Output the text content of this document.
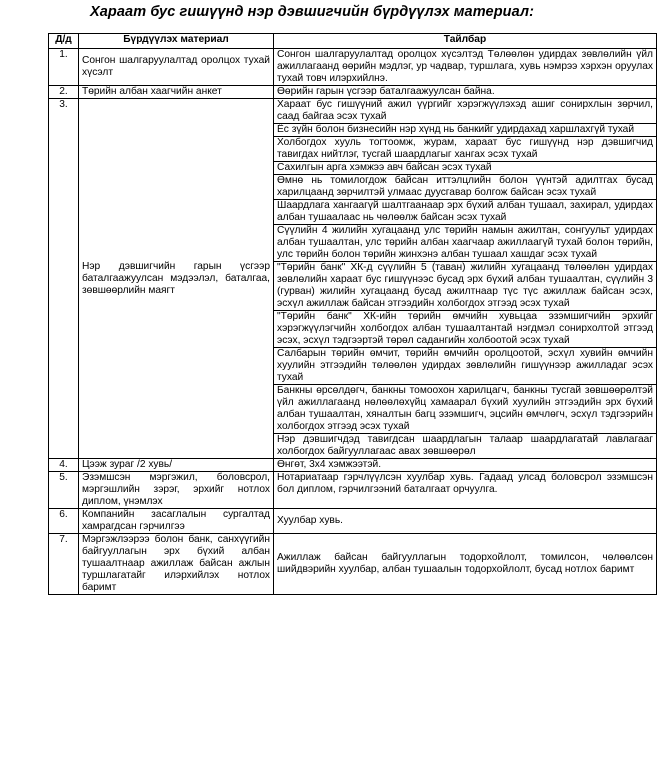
Хараат бус гишүүнд нэр дэвшигчийн бүрдүүлэх материал:
Д/д	Бүрдүүлэх материал	Тайлбар
1.	Сонгон шалгаруулалтад оролцох тухай хүсэлт	Сонгон шалгаруулалтад оролцох хүсэлтэд Төлөөлөн удирдах зөвлөлийн үйл ажиллагаанд өөрийн мэдлэг, ур чадвар, туршлага, хувь нэмрээ хэрхэн оруулах тухай товч илэрхийлнэ.
2.	Төрийн албан хаагчийн анкет	Өөрийн гарын үсгээр баталгаажуулсан байна.
3.	Нэр дэвшигчийн гарын үсгээр баталгаажуулсан мэдээлэл, баталгаа, зөвшөөрлийн маягт	Хараат бус гишүүний ажил үүргийг хэрэгжүүлэхэд ашиг сонирхлын зөрчил, саад байгаа эсэх тухай
		Ёс зүйн болон бизнесийн нэр хүнд нь банкийг удирдахад харшлахгүй тухай
		Холбогдох хууль тогтоомж, журам, хараат бус гишүүнд нэр дэвшигчид тавигдах нийтлэг, тусгай шаардлагыг хангах эсэх тухай
		Сахилгын арга хэмжээ авч байсан эсэх тухай
		Өмнө нь томилогдож байсан иттэлцлийн болон үүнтэй адилтгах бусад харилцаанд зөрчилтэй улмаас дуусгавар болгож байсан эсэх тухай
		Шаардлага хангаагүй шалтгаанаар эрх бүхий албан тушаал, захирал, удирдах албан тушаалаас нь чөлөөлж байсан эсэх тухай
		Сүүлийн 4 жилийн хугацаанд улс төрийн намын ажилтан, сонгуульт удирдах албан тушаалтан, улс төрийн албан хаагчаар ажиллаагүй тухай болон төрийн, улс төрийн болон төрийн жинхэнэ албан тушаал хашдаг эсэх тухай
		"Төрийн банк" ХК-д сүүлийн 5 (таван) жилийн хугацаанд төлөөлөн удирдах зөвлөлийн хараат бус гишүүнээс бусад эрх бүхий албан тушаалтан, сүүлийн 3 (гурван) жилийн хугацаанд бусад ажилтнаар түс түс ажиллаж байсан эсэх, эсхүл ажиллаж байсан этгээдийн холбогдох этгээд эсэх тухай
		"Төрийн банк" ХК-ийн төрийн өмчийн хувьцаа эзэмшигчийн эрхийг хэрэгжүүлэгчийн холбогдох албан тушаалтантай нэгдмэл сонирхолтой этгээд эсэх, эсхүл тэдгээртэй төрөл садангийн холбоотой эсэх тухай
		Салбарын төрийн өмчит, төрийн өмчийн оролцоотой, эсхүл хувийн өмчийн хуулийн этгээдийн төлөөлөн удирдах зөвлөлийн гишүүнээр ажилладаг эсэх тухай
		Банкны өрсөлдөгч, банкны томоохон харилцагч, банкны тусгай зөвшөөрөлтэй үйл ажиллагаанд нөлөөлөхүйц хамаарал бүхий хуулийн этгээдийн эрх бүхий албан тушаалтан, хяналтын багц эзэмшигч, эцсийн өмчлөгч, эсхүл тэдгээрийн холбогдох этгээд эсэх тухай
		Нэр дэвшигчдэд тавигдсан шаардлагын талаар шаардлагатай лавлагааг холбогдох байгууллагаас авах зөвшөөрөл
4.	Цээж зураг /2 хувь/	Өнгөт, 3х4 хэмжээтэй.
5.	Эзэмшсэн мэргэжил, боловсрол, мэргэшлийн зэрэг, эрхийг нотлох диплом, үнэмлэх	Нотариатаар гэрчлүүлсэн хуулбар хувь. Гадаад улсад боловсрол эзэмшсэн бол диплом, гэрчилгээний баталгаат орчуулга.
6.	Компанийн засаглалын сургалтад хамрагдсан гэрчилгээ	Хуулбар хувь.
7.	Мэргэжлээрээ болон банк, санхүүгийн байгууллагын эрх бүхий албан тушаалтнаар ажиллаж байсан ажлын туршлагатайг илэрхийлэх нотлох баримт	Ажиллаж байсан байгууллагын тодорхойлолт, томилсон, чөлөөлсөн шийдвэрийн хуулбар, албан тушаалын тодорхойлолт, бусад нотлох баримт
